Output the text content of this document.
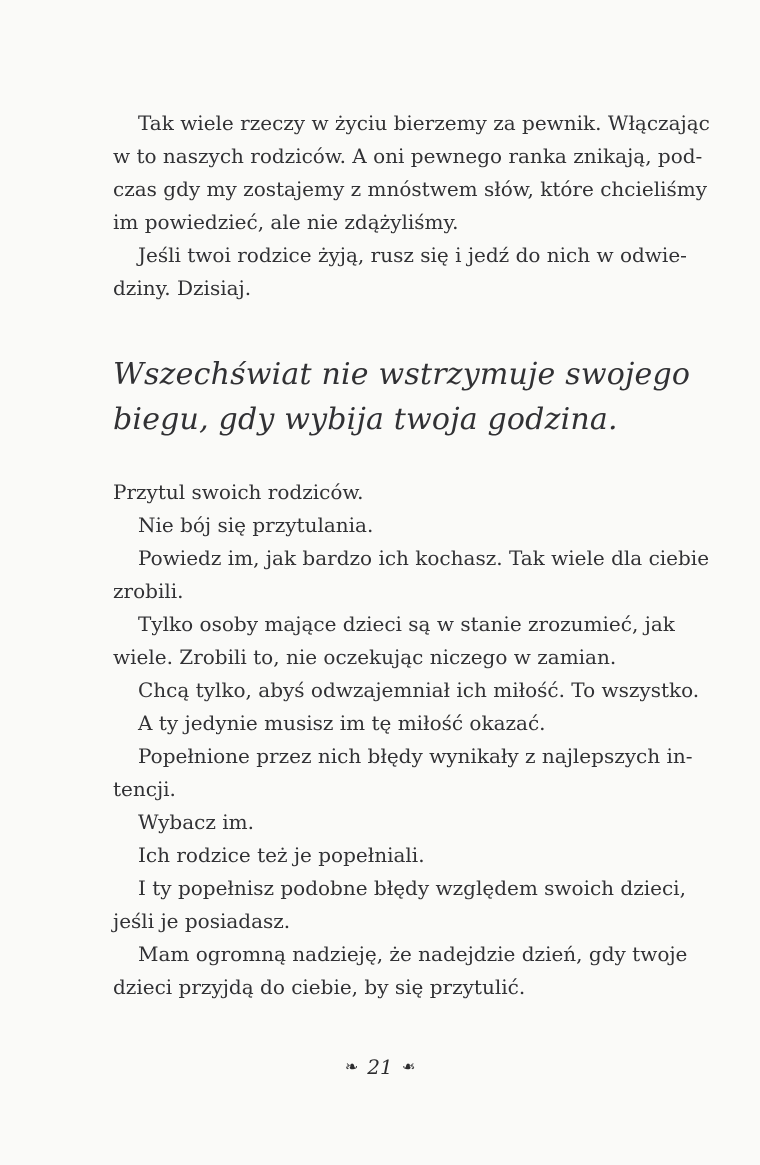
Tak wiele rzeczy w życiu bierzemy za pewnik. Włączając
w to naszych rodziców. A oni pewnego ranka znikają, pod-
czas gdy my zostajemy z mnóstwem słów, które chcieliśmy
im powiedzieć, ale nie zdążyliśmy.
Jeśli twoi rodzice żyją, rusz się i jedź do nich w odwie-
dziny. Dzisiaj.
Wszechświat nie wstrzymuje swojego
biegu, gdy wybija twoja godzina.
Przytul swoich rodziców.
Nie bój się przytulania.
Powiedz im, jak bardzo ich kochasz. Tak wiele dla ciebie
zrobili.
Tylko osoby mające dzieci są w stanie zrozumieć, jak
wiele. Zrobili to, nie oczekując niczego w zamian.
Chcą tylko, abyś odwzajemniał ich miłość. To wszystko.
A ty jedynie musisz im tę miłość okazać.
Popełnione przez nich błędy wynikały z najlepszych in-
tencji.
Wybacz im.
Ich rodzice też je popełniali.
I ty popełnisz podobne błędy względem swoich dzieci,
jeśli je posiadasz.
Mam ogromną nadzieję, że nadejdzie dzień, gdy twoje
dzieci przyjdą do ciebie, by się przytulić.
❧ 21 ❧
